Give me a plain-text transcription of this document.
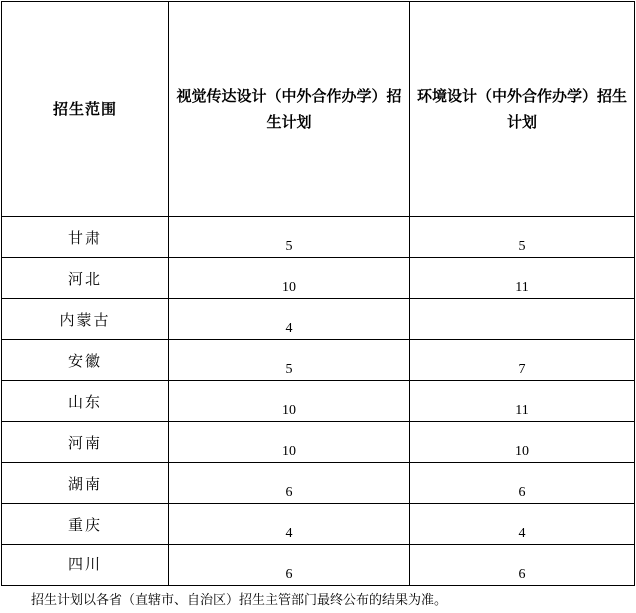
招生范围	视觉传达设计（中外合作办学）招生计划	环境设计（中外合作办学）招生计划

甘肃	5	5
河北	10	11
内蒙古	4	
安徽	5	7
山东	10	11
河南	10	10
湖南	6	6
重庆	4	4
四川	6	6
招生计划以各省（直辖市、自治区）招生主管部门最终公布的结果为准。
